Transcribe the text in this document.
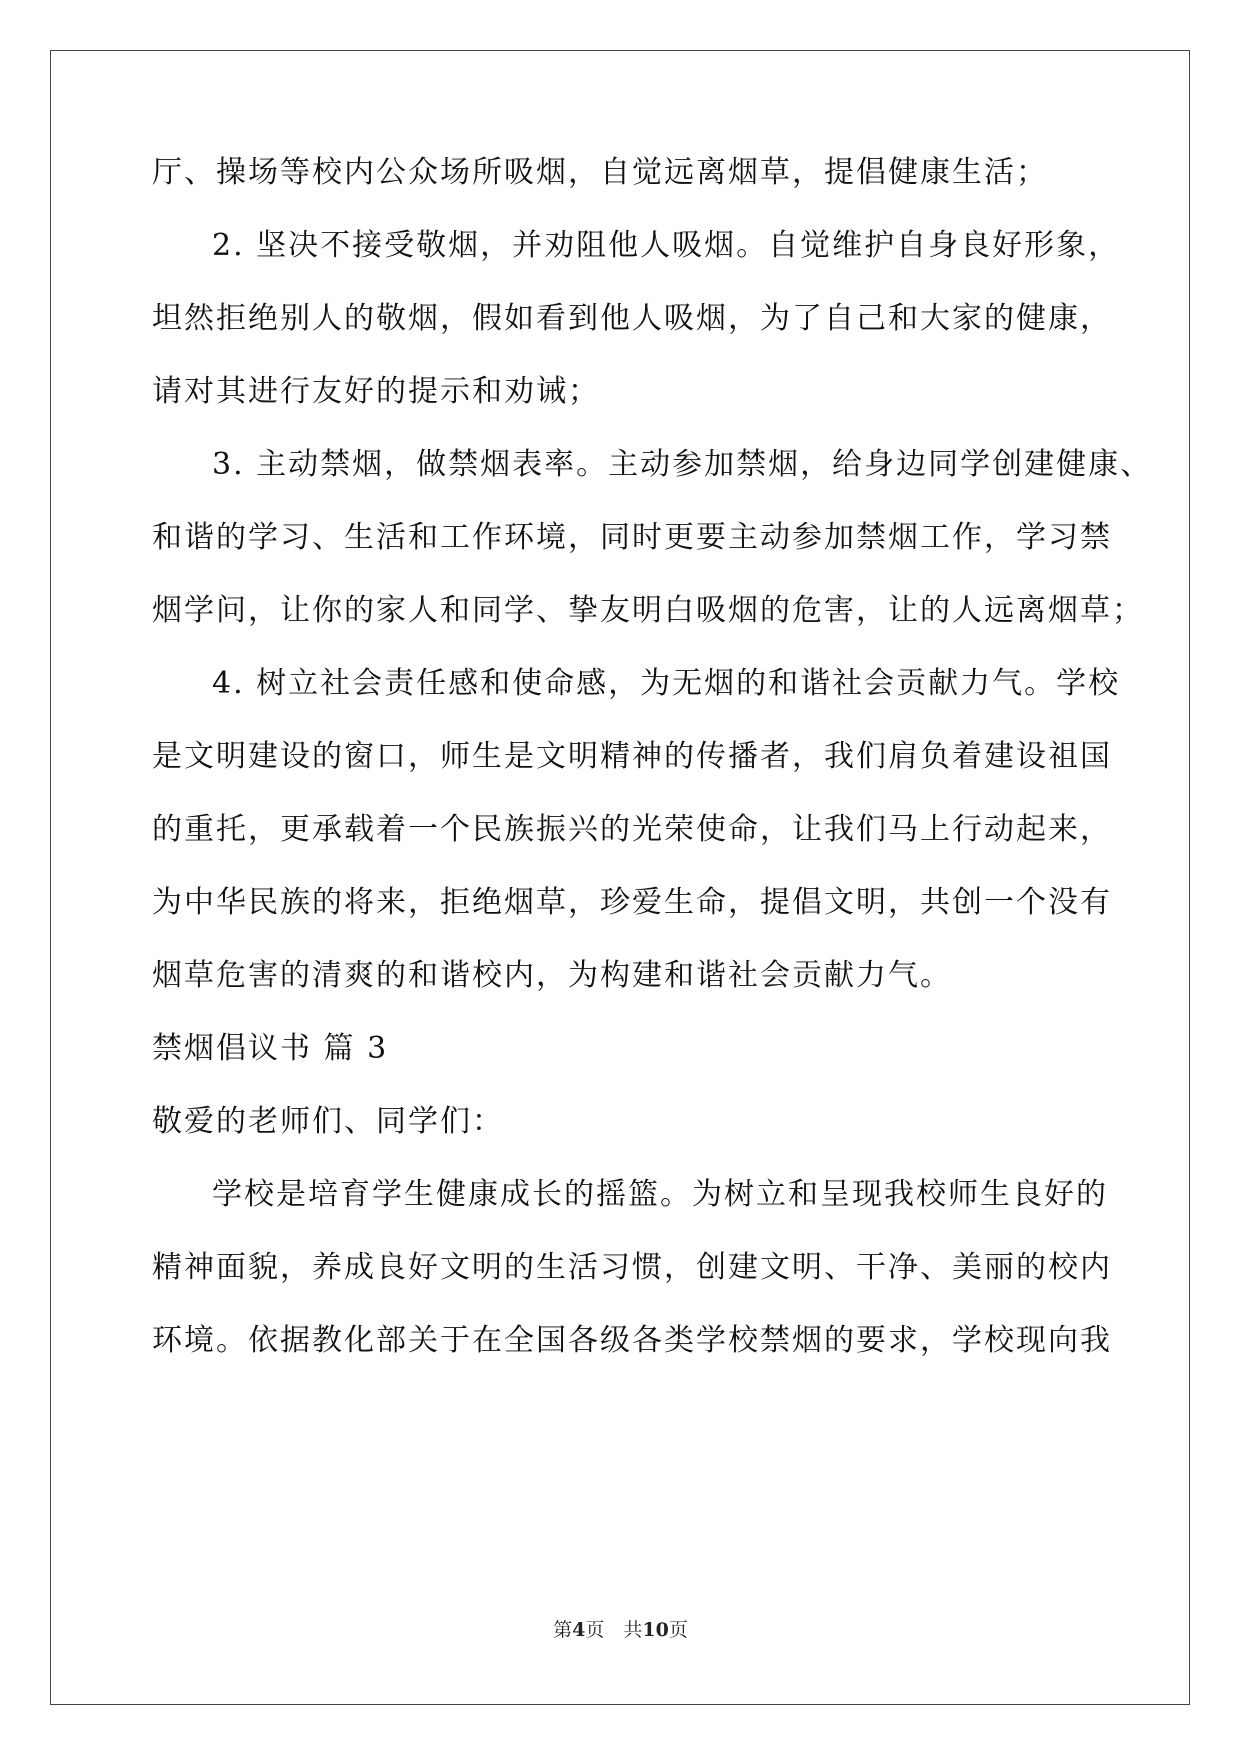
厅、操场等校内公众场所吸烟，自觉远离烟草，提倡健康生活；
2. 坚决不接受敬烟，并劝阻他人吸烟。自觉维护自身良好形象，
坦然拒绝别人的敬烟，假如看到他人吸烟，为了自己和大家的健康，
请对其进行友好的提示和劝诫；
3. 主动禁烟，做禁烟表率。主动参加禁烟，给身边同学创建健康、
和谐的学习、生活和工作环境，同时更要主动参加禁烟工作，学习禁
烟学问，让你的家人和同学、挚友明白吸烟的危害，让的人远离烟草；
4. 树立社会责任感和使命感，为无烟的和谐社会贡献力气。学校
是文明建设的窗口，师生是文明精神的传播者，我们肩负着建设祖国
的重托，更承载着一个民族振兴的光荣使命，让我们马上行动起来，
为中华民族的将来，拒绝烟草，珍爱生命，提倡文明，共创一个没有
烟草危害的清爽的和谐校内，为构建和谐社会贡献力气。
禁烟倡议书 篇 3
敬爱的老师们、同学们：
学校是培育学生健康成长的摇篮。为树立和呈现我校师生良好的
精神面貌，养成良好文明的生活习惯，创建文明、干净、美丽的校内
环境。依据教化部关于在全国各级各类学校禁烟的要求，学校现向我
第4页　共10页
